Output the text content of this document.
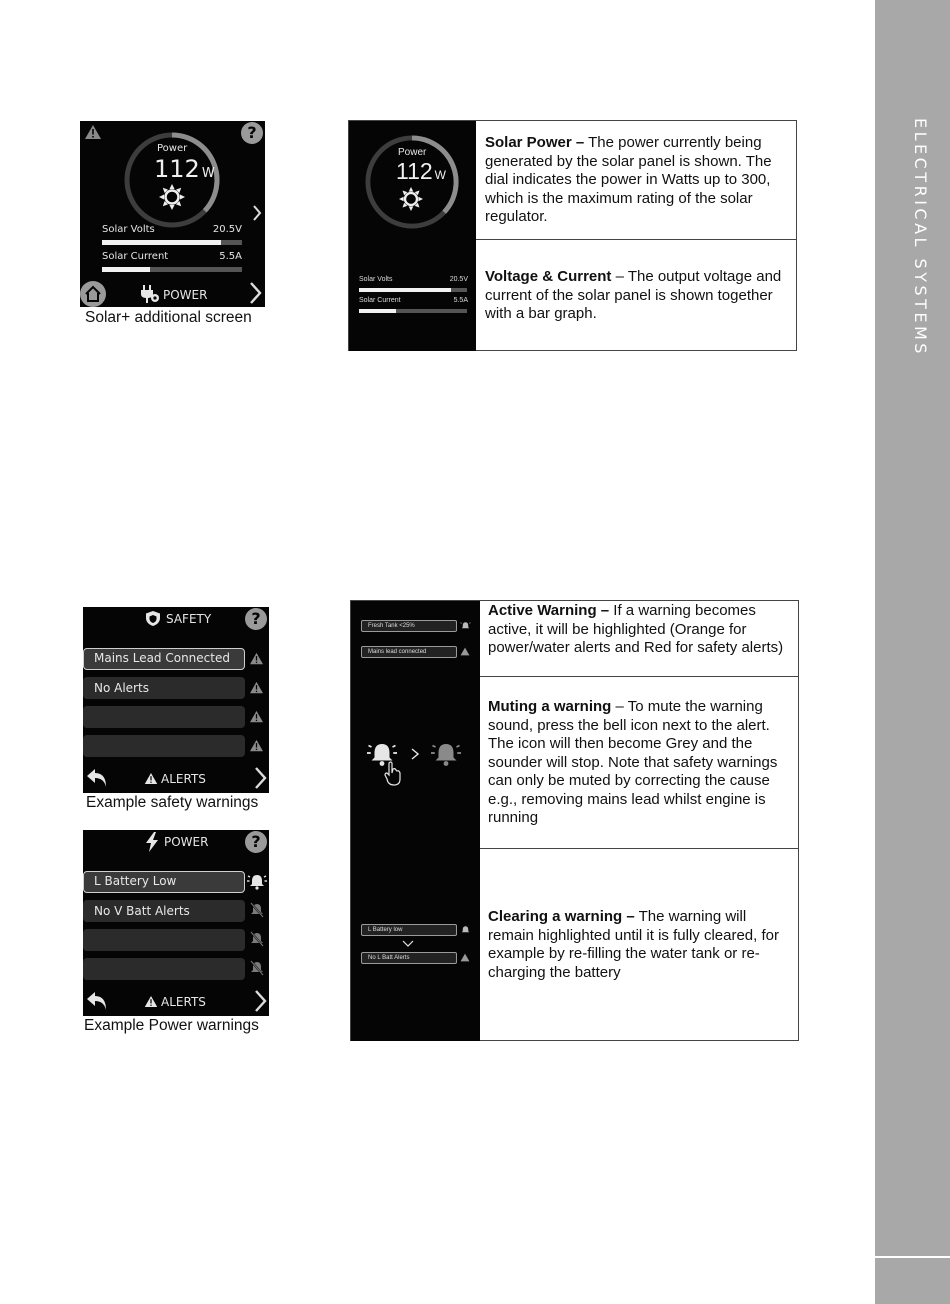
ELECTRICAL SYSTEMS
?
Power
112 W
Solar Volts	20.5V
Solar Current	5.5A
POWER
Solar+ additional screen
Power
112 W
Solar Volts	20.5V
Solar Current	5.5A
Solar Power – The power currently being generated by the solar panel is shown. The dial indicates the power in Watts up to 300, which is the maximum rating of the solar regulator.
Voltage & Current – The output voltage and current of the solar panel is shown together with a bar graph.
SAFETY	?
Mains Lead Connected
No Alerts
ALERTS
Example safety warnings
POWER	?
L Battery Low
No V Batt Alerts
ALERTS
Example Power warnings
Fresh Tank <25%
Mains lead connected
L Battery low
No L Batt Alerts
Active Warning – If a warning becomes active, it will be highlighted (Orange for power/water alerts and Red for safety alerts)
Muting a warning – To mute the warning sound, press the bell icon next to the alert. The icon will then become Grey and the sounder will stop. Note that safety warnings can only be muted by correcting the cause e.g., removing mains lead whilst engine is running
Clearing a warning – The warning will remain highlighted until it is fully cleared, for example by re-filling the water tank or re-charging the battery
